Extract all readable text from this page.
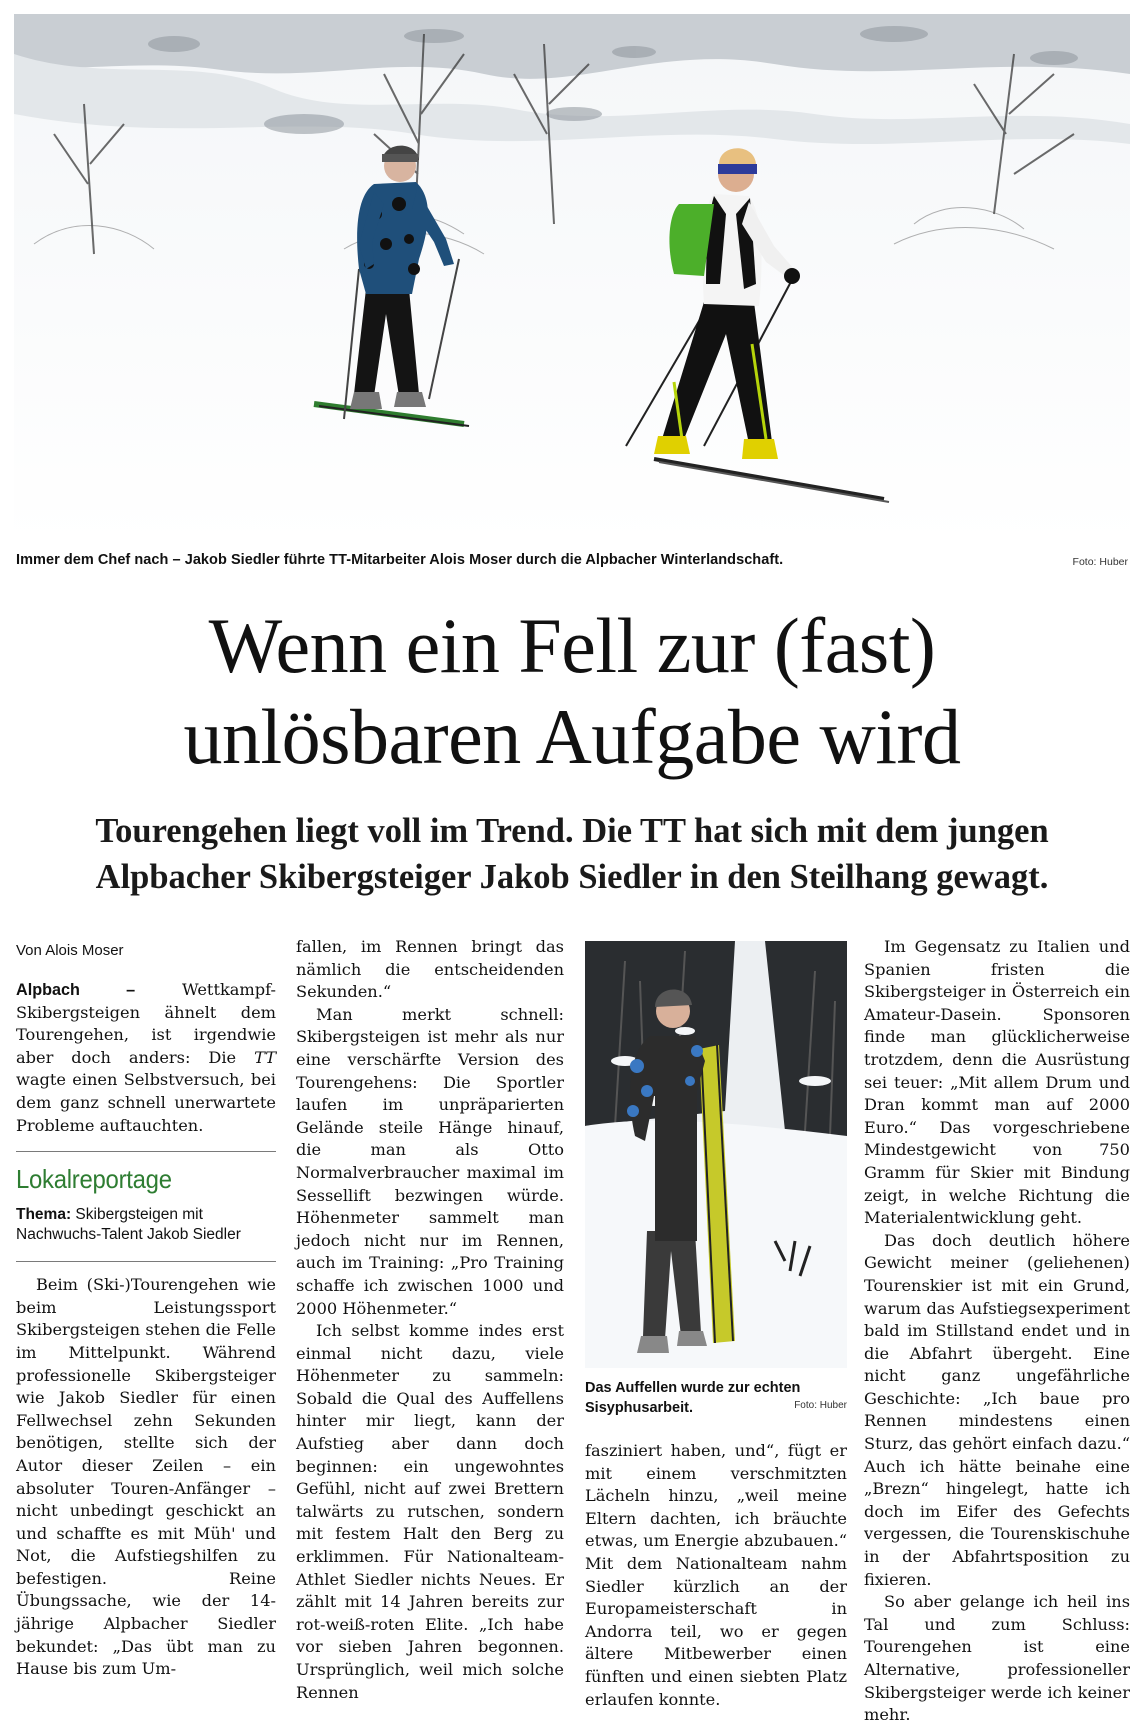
Immer dem Chef nach – Jakob Siedler führte TT-Mitarbeiter Alois Moser durch die Alpbacher Winterlandschaft.	Foto: Huber
Wenn ein Fell zur (fast)
unlösbaren Aufgabe wird
Tourengehen liegt voll im Trend. Die TT hat sich mit dem jungen
Alpbacher Skibergsteiger Jakob Siedler in den Steilhang gewagt.
Von Alois Moser

Alpbach – Wettkampf-Skibergsteigen ähnelt dem Tourengehen, ist irgendwie aber doch anders: Die TT wagte einen Selbstversuch, bei dem ganz schnell unerwartete Probleme auftauchten.

Lokalreportage
Thema: Skibergsteigen mit Nachwuchs-Talent Jakob Siedler

Beim (Ski-)Tourengehen wie beim Leistungssport Skibergsteigen stehen die Felle im Mittelpunkt. Während professionelle Skibergsteiger wie Jakob Siedler für einen Fellwechsel zehn Sekunden benötigen, stellte sich der Autor dieser Zeilen – ein absoluter Touren-Anfänger – nicht unbedingt geschickt an und schaffte es mit Müh' und Not, die Aufstiegshilfen zu befestigen. Reine Übungssache, wie der 14-jährige Alpbacher Siedler bekundet: „Das übt man zu Hause bis zum Um-

fallen, im Rennen bringt das nämlich die entscheidenden Sekunden.“

Man merkt schnell: Skibergsteigen ist mehr als nur eine verschärfte Version des Tourengehens: Die Sportler laufen im unpräparierten Gelände steile Hänge hinauf, die man als Otto Normalverbraucher maximal im Sessellift bezwingen würde. Höhenmeter sammelt man jedoch nicht nur im Rennen, auch im Training: „Pro Training schaffe ich zwischen 1000 und 2000 Höhenmeter.“

Ich selbst komme indes erst einmal nicht dazu, viele Höhenmeter zu sammeln: Sobald die Qual des Auffellens hinter mir liegt, kann der Aufstieg aber dann doch beginnen: ein ungewohntes Gefühl, nicht auf zwei Brettern talwärts zu rutschen, sondern mit festem Halt den Berg zu erklimmen. Für Nationalteam-Athlet Siedler nichts Neues. Er zählt mit 14 Jahren bereits zur rot-weiß-roten Elite. „Ich habe vor sieben Jahren begonnen. Ursprünglich, weil mich solche Rennen

Das Auffellen wurde zur echten Sisyphusarbeit.	Foto: Huber

fasziniert haben, und“, fügt er mit einem verschmitzten Lächeln hinzu, „weil meine Eltern dachten, ich bräuchte etwas, um Energie abzubauen.“ Mit dem Nationalteam nahm Siedler kürzlich an der Europameisterschaft in Andorra teil, wo er gegen ältere Mitbewerber einen fünften und einen siebten Platz erlaufen konnte.

Im Gegensatz zu Italien und Spanien fristen die Skibergsteiger in Österreich ein Amateur-Dasein. Sponsoren finde man glücklicherweise trotzdem, denn die Ausrüstung sei teuer: „Mit allem Drum und Dran kommt man auf 2000 Euro.“ Das vorgeschriebene Mindestgewicht von 750 Gramm für Skier mit Bindung zeigt, in welche Richtung die Materialentwicklung geht.

Das doch deutlich höhere Gewicht meiner (geliehenen) Tourenskier ist mit ein Grund, warum das Aufstiegsexperiment bald im Stillstand endet und in die Abfahrt übergeht. Eine nicht ganz ungefährliche Geschichte: „Ich baue pro Rennen mindestens einen Sturz, das gehört einfach dazu.“ Auch ich hätte beinahe eine „Brezn“ hingelegt, hatte ich doch im Eifer des Gefechts vergessen, die Tourenskischuhe in der Abfahrtsposition zu fixieren.

So aber gelange ich heil ins Tal und zum Schluss: Tourengehen ist eine Alternative, professioneller Skibergsteiger werde ich keiner mehr.
